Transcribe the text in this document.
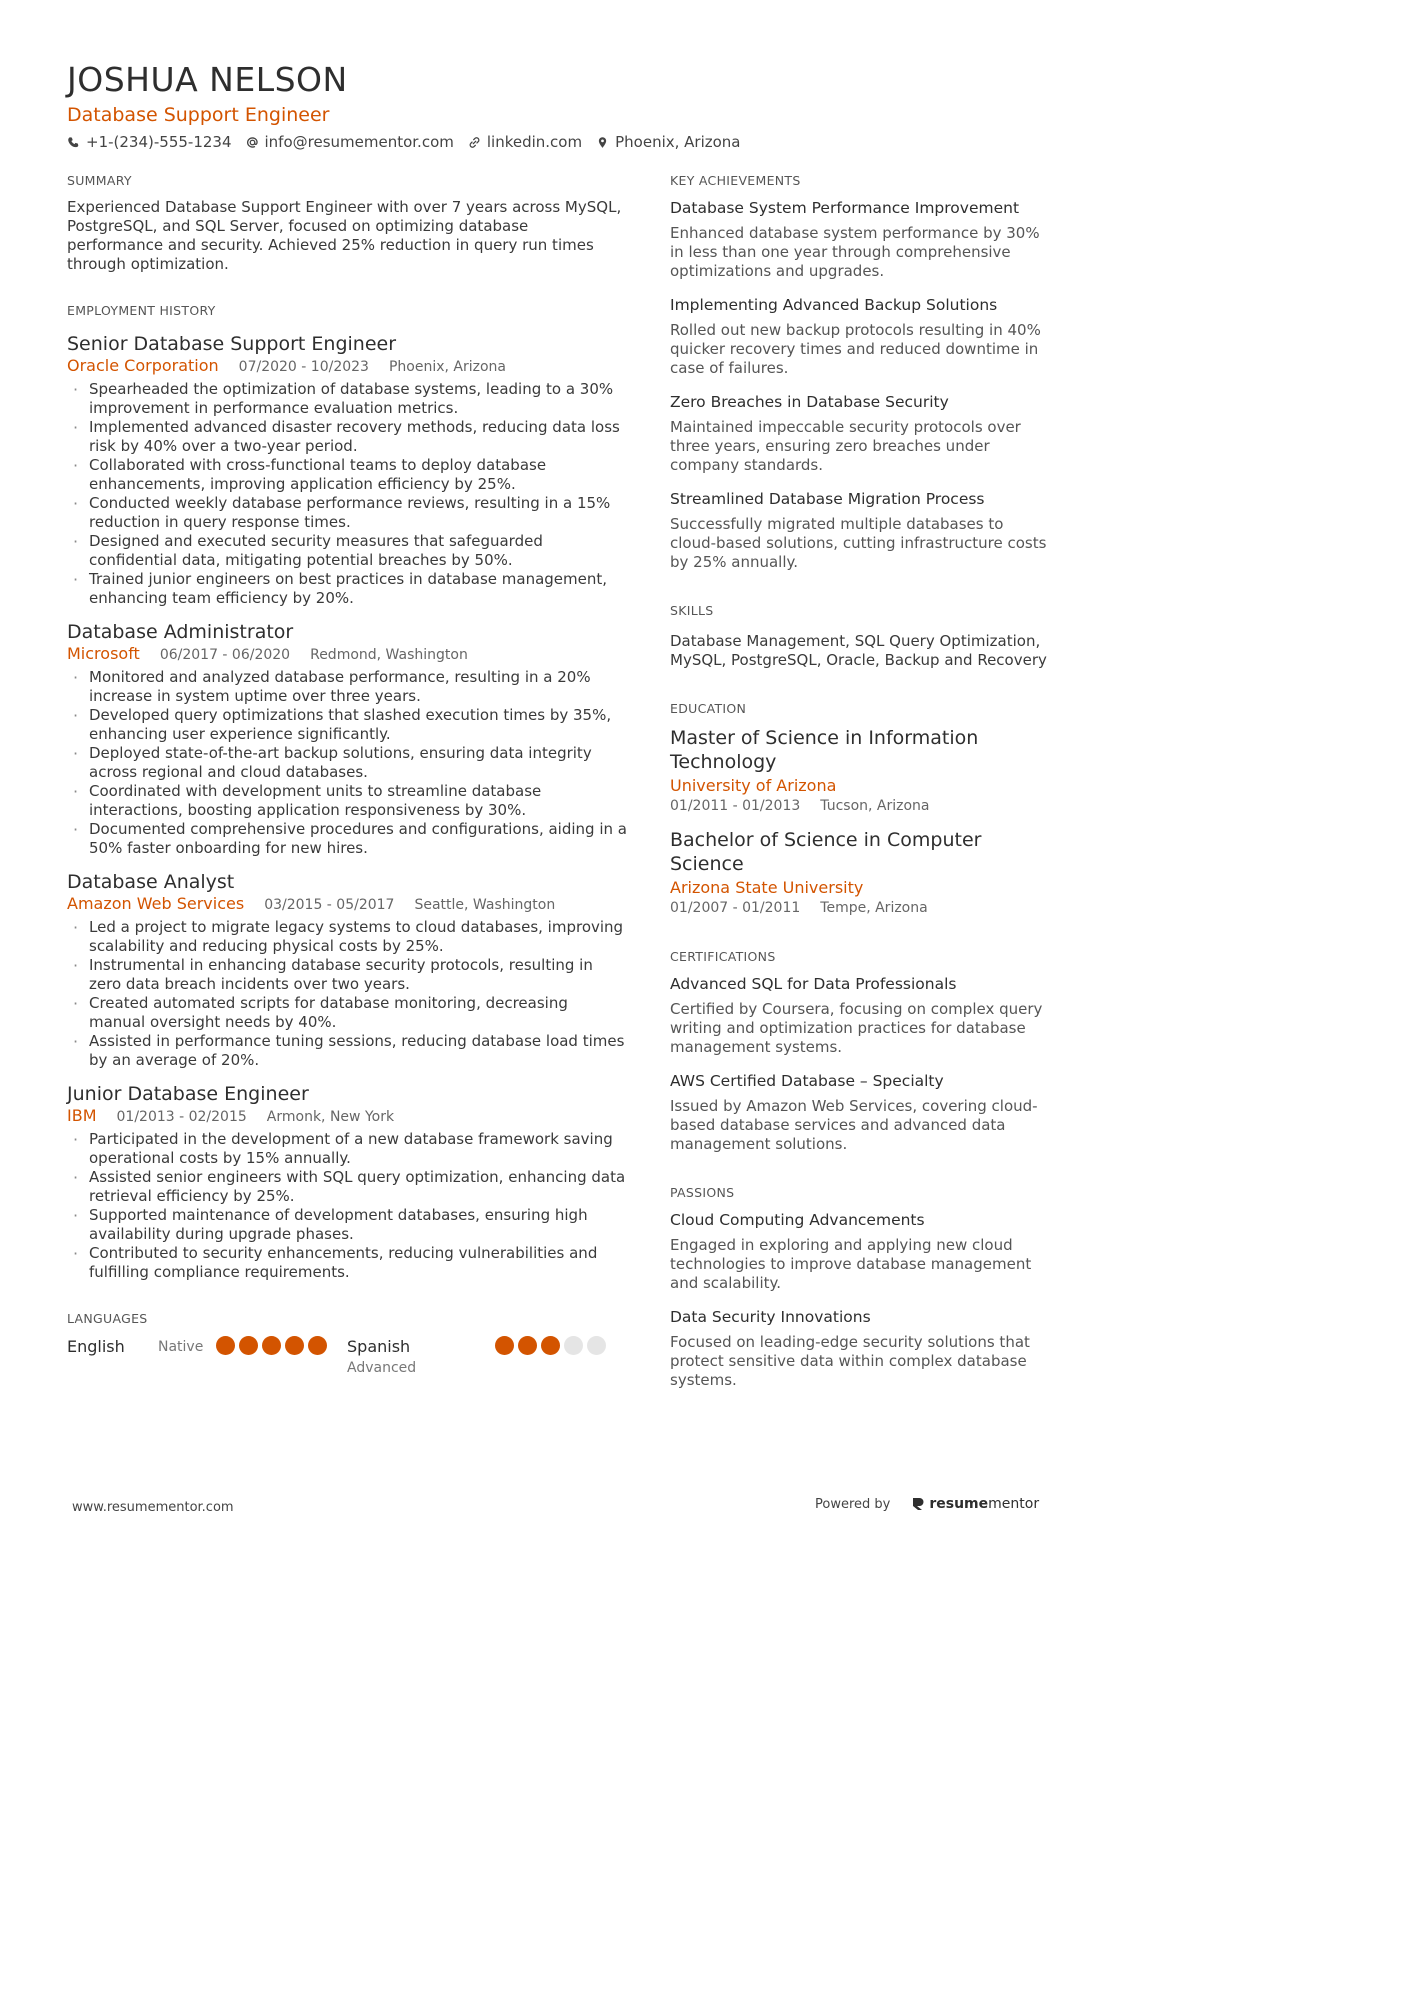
JOSHUA NELSON
Database Support Engineer
+1-(234)-555-1234 info@resumementor.com linkedin.com Phoenix, Arizona
SUMMARY
Experienced Database Support Engineer with over 7 years across MySQL, PostgreSQL, and SQL Server, focused on optimizing database performance and security. Achieved 25% reduction in query run times through optimization.
EMPLOYMENT HISTORY
Senior Database Support Engineer
Oracle Corporation 07/2020 - 10/2023 Phoenix, Arizona
· Spearheaded the optimization of database systems, leading to a 30% improvement in performance evaluation metrics.
· Implemented advanced disaster recovery methods, reducing data loss risk by 40% over a two-year period.
· Collaborated with cross-functional teams to deploy database enhancements, improving application efficiency by 25%.
· Conducted weekly database performance reviews, resulting in a 15% reduction in query response times.
· Designed and executed security measures that safeguarded confidential data, mitigating potential breaches by 50%.
· Trained junior engineers on best practices in database management, enhancing team efficiency by 20%.
Database Administrator
Microsoft 06/2017 - 06/2020 Redmond, Washington
· Monitored and analyzed database performance, resulting in a 20% increase in system uptime over three years.
· Developed query optimizations that slashed execution times by 35%, enhancing user experience significantly.
· Deployed state-of-the-art backup solutions, ensuring data integrity across regional and cloud databases.
· Coordinated with development units to streamline database interactions, boosting application responsiveness by 30%.
· Documented comprehensive procedures and configurations, aiding in a 50% faster onboarding for new hires.
Database Analyst
Amazon Web Services 03/2015 - 05/2017 Seattle, Washington
· Led a project to migrate legacy systems to cloud databases, improving scalability and reducing physical costs by 25%.
· Instrumental in enhancing database security protocols, resulting in zero data breach incidents over two years.
· Created automated scripts for database monitoring, decreasing manual oversight needs by 40%.
· Assisted in performance tuning sessions, reducing database load times by an average of 20%.
Junior Database Engineer
IBM 01/2013 - 02/2015 Armonk, New York
· Participated in the development of a new database framework saving operational costs by 15% annually.
· Assisted senior engineers with SQL query optimization, enhancing data retrieval efficiency by 25%.
· Supported maintenance of development databases, ensuring high availability during upgrade phases.
· Contributed to security enhancements, reducing vulnerabilities and fulfilling compliance requirements.
LANGUAGES
English	Native	Spanish
Advanced
KEY ACHIEVEMENTS
Database System Performance Improvement
Enhanced database system performance by 30% in less than one year through comprehensive optimizations and upgrades.
Implementing Advanced Backup Solutions
Rolled out new backup protocols resulting in 40% quicker recovery times and reduced downtime in case of failures.
Zero Breaches in Database Security
Maintained impeccable security protocols over three years, ensuring zero breaches under company standards.
Streamlined Database Migration Process
Successfully migrated multiple databases to cloud-based solutions, cutting infrastructure costs by 25% annually.
SKILLS
Database Management, SQL Query Optimization, MySQL, PostgreSQL, Oracle, Backup and Recovery
EDUCATION
Master of Science in Information Technology
University of Arizona
01/2011 - 01/2013 Tucson, Arizona
Bachelor of Science in Computer Science
Arizona State University
01/2007 - 01/2011 Tempe, Arizona
CERTIFICATIONS
Advanced SQL for Data Professionals
Certified by Coursera, focusing on complex query writing and optimization practices for database management systems.
AWS Certified Database – Specialty
Issued by Amazon Web Services, covering cloud-based database services and advanced data management solutions.
PASSIONS
Cloud Computing Advancements
Engaged in exploring and applying new cloud technologies to improve database management and scalability.
Data Security Innovations
Focused on leading-edge security solutions that protect sensitive data within complex database systems.
www.resumementor.com	Powered by	resumementor
